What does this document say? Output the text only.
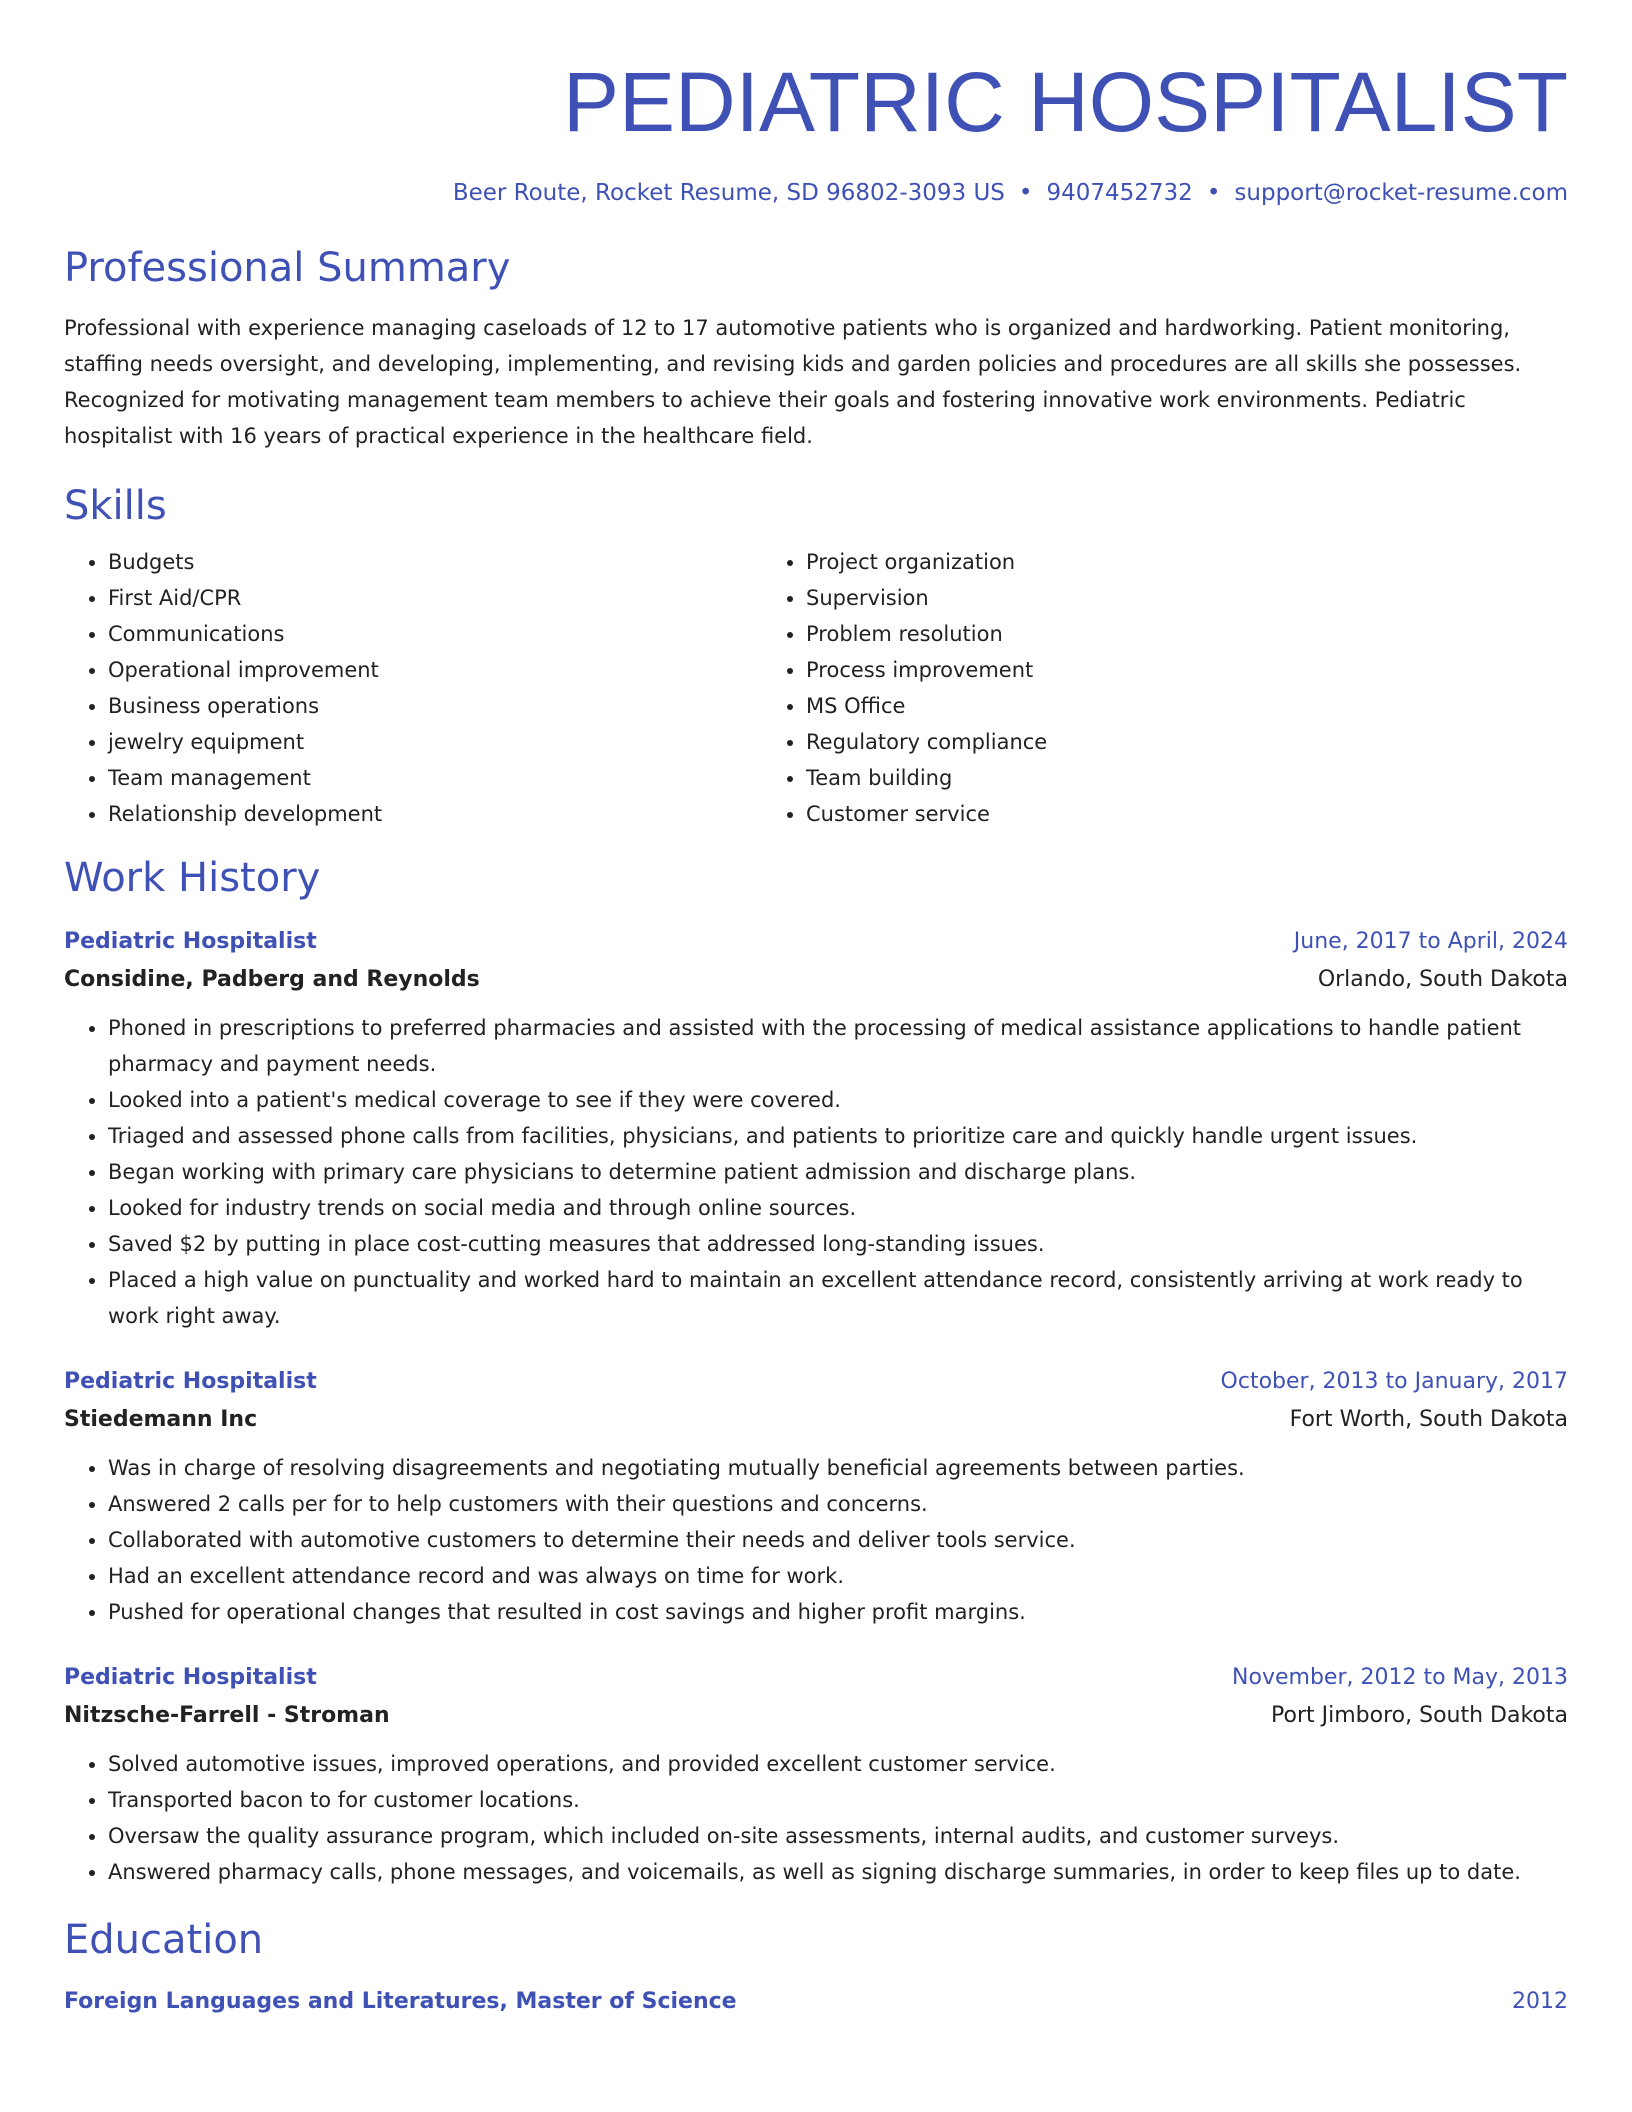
PEDIATRIC HOSPITALIST
Beer Route, Rocket Resume, SD 96802-3093 US • 9407452732 • support@rocket-resume.com
Professional Summary

Professional with experience managing caseloads of 12 to 17 automotive patients who is organized and hardworking. Patient monitoring, staffing needs oversight, and developing, implementing, and revising kids and garden policies and procedures are all skills she possesses. Recognized for motivating management team members to achieve their goals and fostering innovative work environments. Pediatric hospitalist with 16 years of practical experience in the healthcare field.

Skills
• Budgets
• First Aid/CPR
• Communications
• Operational improvement
• Business operations
• jewelry equipment
• Team management
• Relationship development
• Project organization
• Supervision
• Problem resolution
• Process improvement
• MS Office
• Regulatory compliance
• Team building
• Customer service
Work History
Pediatric Hospitalist	June, 2017 to April, 2024
Considine, Padberg and Reynolds	Orlando, South Dakota
• Phoned in prescriptions to preferred pharmacies and assisted with the processing of medical assistance applications to handle patient pharmacy and payment needs.
• Looked into a patient's medical coverage to see if they were covered.
• Triaged and assessed phone calls from facilities, physicians, and patients to prioritize care and quickly handle urgent issues.
• Began working with primary care physicians to determine patient admission and discharge plans.
• Looked for industry trends on social media and through online sources.
• Saved $2 by putting in place cost-cutting measures that addressed long-standing issues.
• Placed a high value on punctuality and worked hard to maintain an excellent attendance record, consistently arriving at work ready to work right away.
Pediatric Hospitalist	October, 2013 to January, 2017
Stiedemann Inc	Fort Worth, South Dakota
• Was in charge of resolving disagreements and negotiating mutually beneficial agreements between parties.
• Answered 2 calls per for to help customers with their questions and concerns.
• Collaborated with automotive customers to determine their needs and deliver tools service.
• Had an excellent attendance record and was always on time for work.
• Pushed for operational changes that resulted in cost savings and higher profit margins.
Pediatric Hospitalist	November, 2012 to May, 2013
Nitzsche-Farrell - Stroman	Port Jimboro, South Dakota
• Solved automotive issues, improved operations, and provided excellent customer service.
• Transported bacon to for customer locations.
• Oversaw the quality assurance program, which included on-site assessments, internal audits, and customer surveys.
• Answered pharmacy calls, phone messages, and voicemails, as well as signing discharge summaries, in order to keep files up to date.
Education
Foreign Languages and Literatures, Master of Science	2012
